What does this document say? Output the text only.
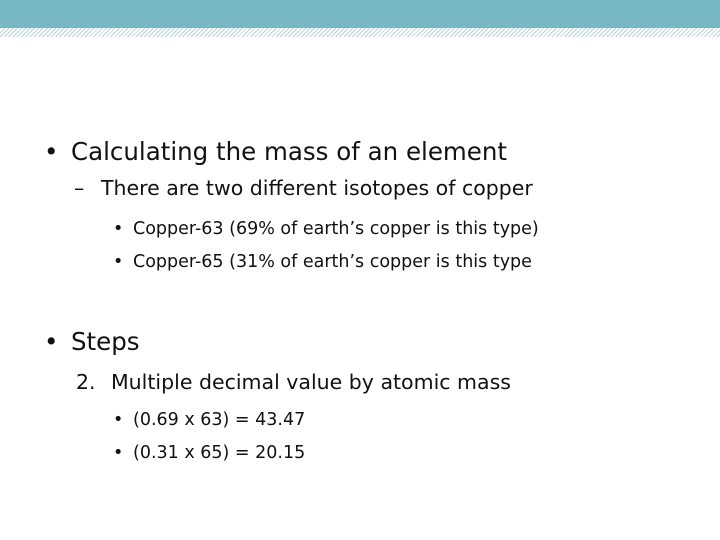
• Calculating the mass of an element
– There are two different isotopes of copper
• Copper-63 (69% of earth’s copper is this type)
• Copper-65 (31% of earth’s copper is this type
• Steps
2. Multiple decimal value by atomic mass
• (0.69 x 63) = 43.47
• (0.31 x 65) = 20.15
